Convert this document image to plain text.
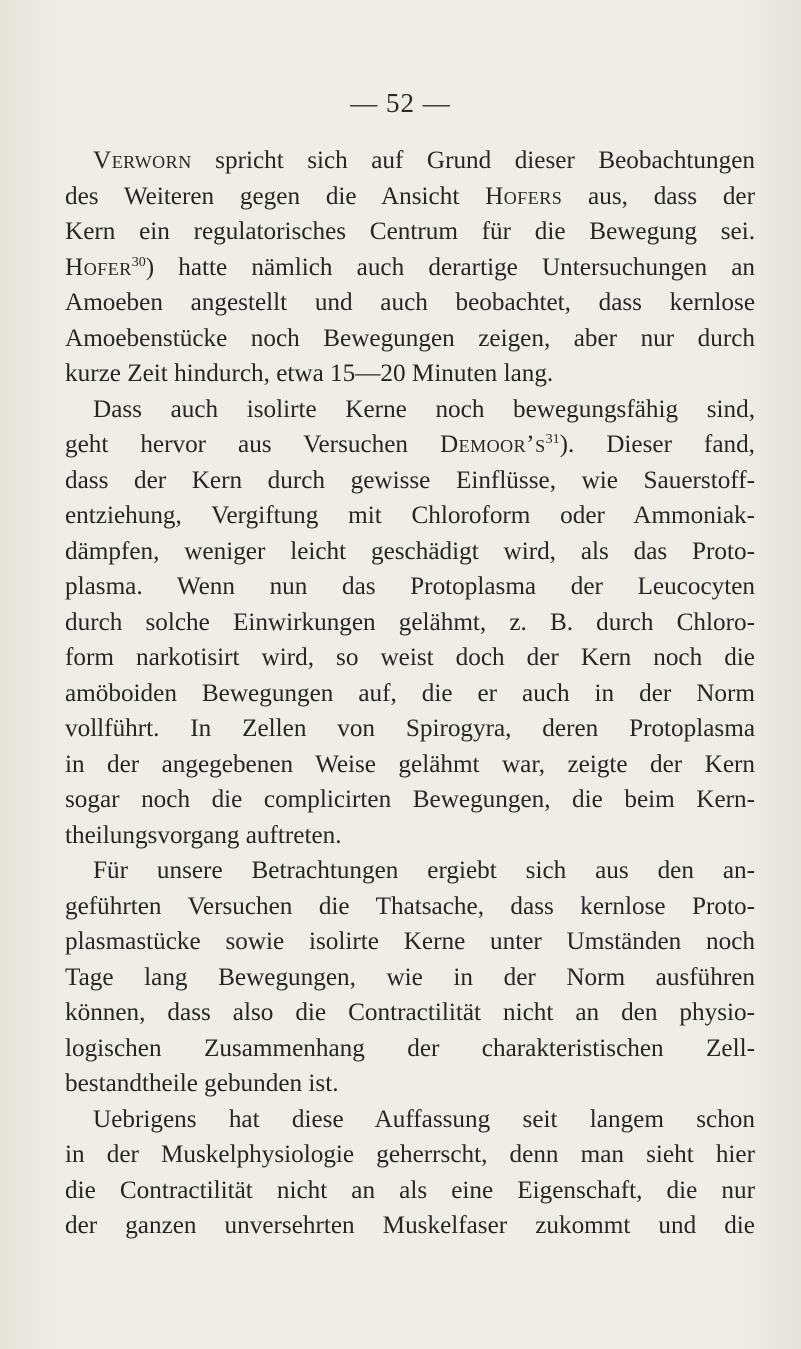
— 52 —
Verworn spricht sich auf Grund dieser Beobachtungen
des Weiteren gegen die Ansicht Hofers aus, dass der
Kern ein regulatorisches Centrum für die Bewegung sei.
Hofer$^{30}$) hatte nämlich auch derartige Untersuchungen an
Amoeben angestellt und auch beobachtet, dass kernlose
Amoebenstücke noch Bewegungen zeigen, aber nur durch
kurze Zeit hindurch, etwa 15—20 Minuten lang.
Dass auch isolirte Kerne noch bewegungsfähig sind,
geht hervor aus Versuchen $Demoor’s^{31}$). Dieser fand,
dass der Kern durch gewisse Einflüsse, wie Sauerstoff-
entziehung, Vergiftung mit Chloroform oder Ammoniak-
dämpfen, weniger leicht geschädigt wird, als das Proto-
plasma. Wenn nun das Protoplasma der Leucocyten
durch solche Einwirkungen gelähmt, z. B. durch Chloro-
form narkotisirt wird, so weist doch der Kern noch die
amöboiden Bewegungen auf, die er auch in der Norm
vollführt. In Zellen von Spirogyra, deren Protoplasma
in der angegebenen Weise gelähmt war, zeigte der Kern
sogar noch die complicirten Bewegungen, die beim Kern-
theilungsvorgang auftreten.
Für unsere Betrachtungen ergiebt sich aus den an-
geführten Versuchen die Thatsache, dass kernlose Proto-
plasmastücke sowie isolirte Kerne unter Umständen noch
Tage lang Bewegungen, wie in der Norm ausführen
können, dass also die Contractilität nicht an den physio-
logischen Zusammenhang der charakteristischen Zell-
bestandtheile gebunden ist.
Uebrigens hat diese Auffassung seit langem schon
in der Muskelphysiologie geherrscht, denn man sieht hier
die Contractilität nicht an als eine Eigenschaft, die nur
der ganzen unversehrten Muskelfaser zukommt und die
